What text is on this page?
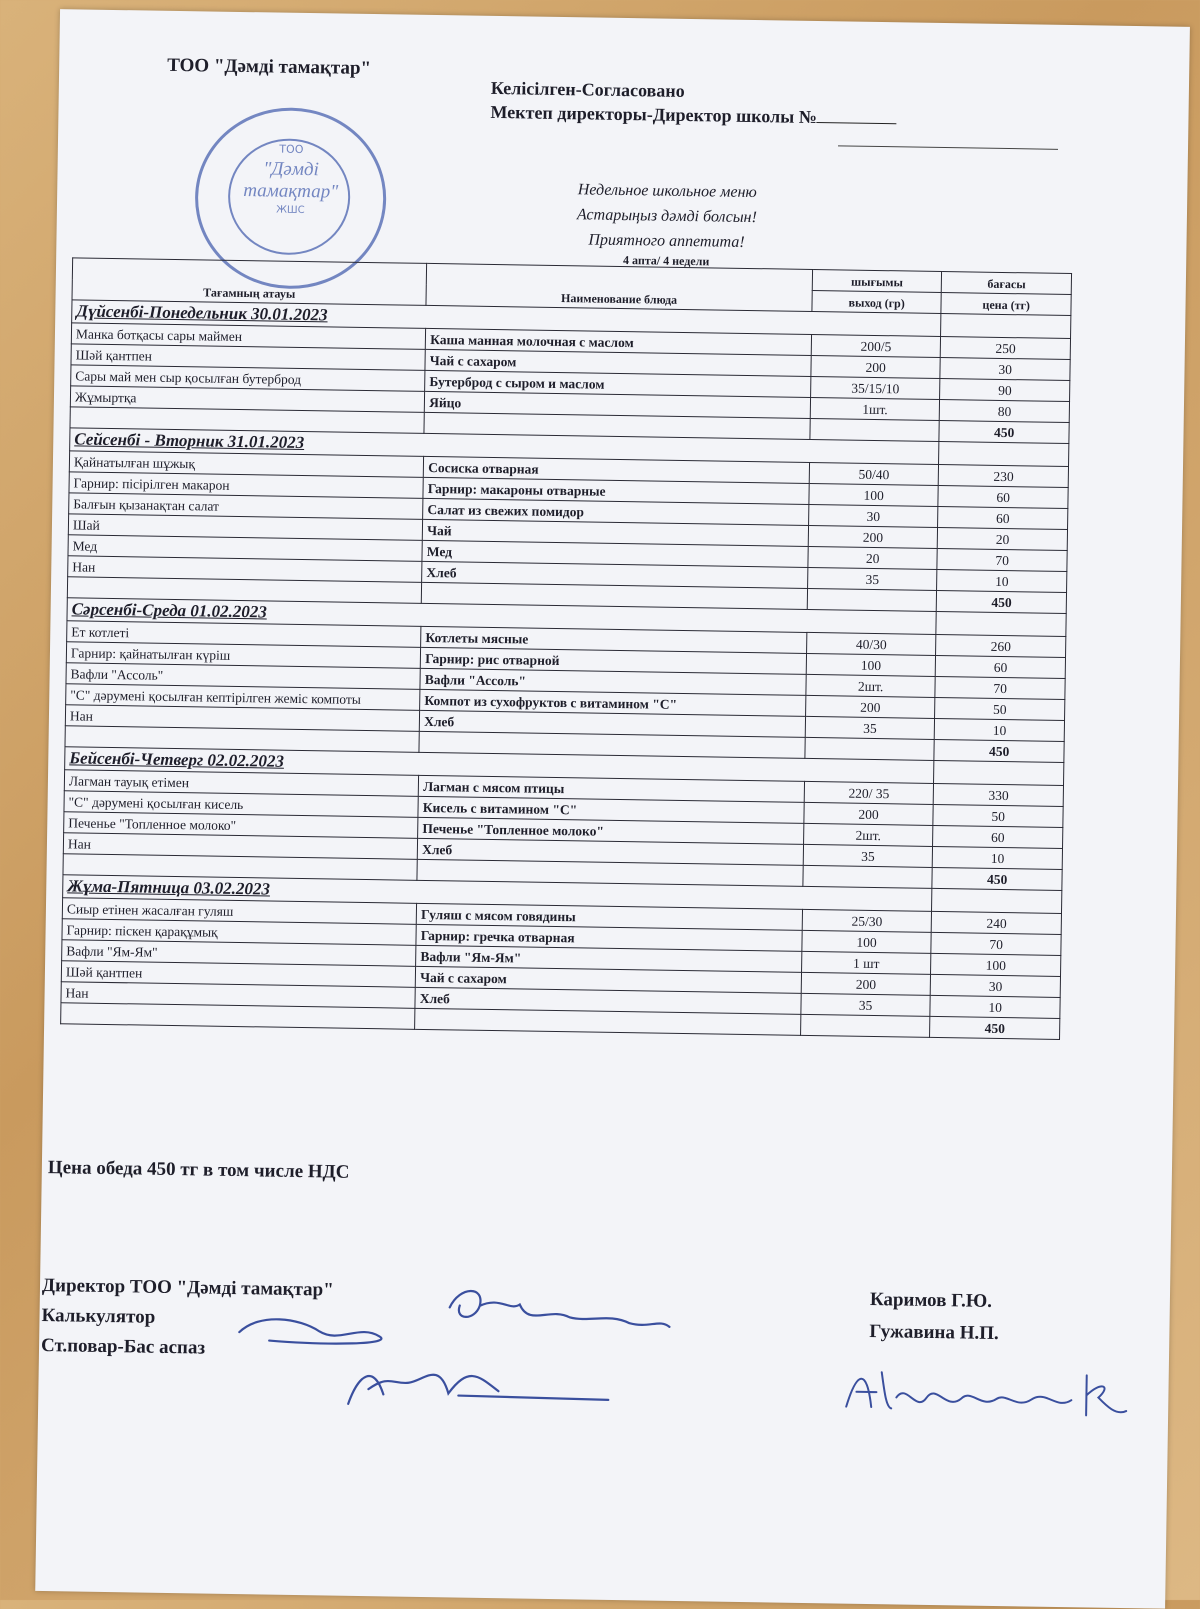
ТОО "Дәмді тамақтар"
Келісілген-Согласовано
Мектеп директоры-Директор школы №
ТОО
"Дәмді
тамақтар"
ЖШС
Недельное школьное меню
Астарыңыз дәмді болсын!
Приятного аппетита!
4 апта/ 4 недели
Тағамның атауы	Наименование блюда	шығымы	бағасы
		выход (гр)	цена (тг)
Дүйсенбі-Понедельник 30.01.2023			
Манка ботқасы сары маймен	Каша манная молочная с маслом	200/5	250
Шәй қантпен	Чай с сахаром	200	30
Сары май мен сыр қосылған бутерброд	Бутерброд с сыром и маслом	35/15/10	90
Жұмыртқа	Яйцо	1шт.	80
			450
Сейсенбі - Вторник 31.01.2023			
Қайнатылған шұжық	Сосиска отварная	50/40	230
Гарнир: пісірілген макарон	Гарнир: макароны отварные	100	60
Балғын қызанақтан салат	Салат из свежих помидор	30	60
Шай	Чай	200	20
Мед	Мед	20	70
Нан	Хлеб	35	10
			450
Сәрсенбі-Среда 01.02.2023			
Ет котлеті	Котлеты мясные	40/30	260
Гарнир: қайнатылған күріш	Гарнир: рис отварной	100	60
Вафли "Ассоль"	Вафли "Ассоль"	2шт.	70
"С" дәрумені қосылған кептірілген жеміс компоты	Компот из сухофруктов с витамином "С"	200	50
Нан	Хлеб	35	10
			450
Бейсенбі-Четверг 02.02.2023			
Лагман тауық етімен	Лагман с мясом птицы	220/ 35	330
"С" дәрумені қосылған кисель	Кисель с витамином "С"	200	50
Печенье "Топленное молоко"	Печенье "Топленное молоко"	2шт.	60
Нан	Хлеб	35	10
			450
Жұма-Пятница 03.02.2023			
Сиыр етінен жасалған гуляш	Гуляш с мясом говядины	25/30	240
Гарнир: піскен қарақұмық	Гарнир: гречка отварная	100	70
Вафли "Ям-Ям"	Вафли "Ям-Ям"	1 шт	100
Шәй қантпен	Чай с сахаром	200	30
Нан	Хлеб	35	10
			450
Цена обеда 450 тг в том числе НДС
Директор ТОО "Дәмді тамақтар"
Калькулятор
Ст.повар-Бас аспаз
Каримов Г.Ю.
Гужавина Н.П.
